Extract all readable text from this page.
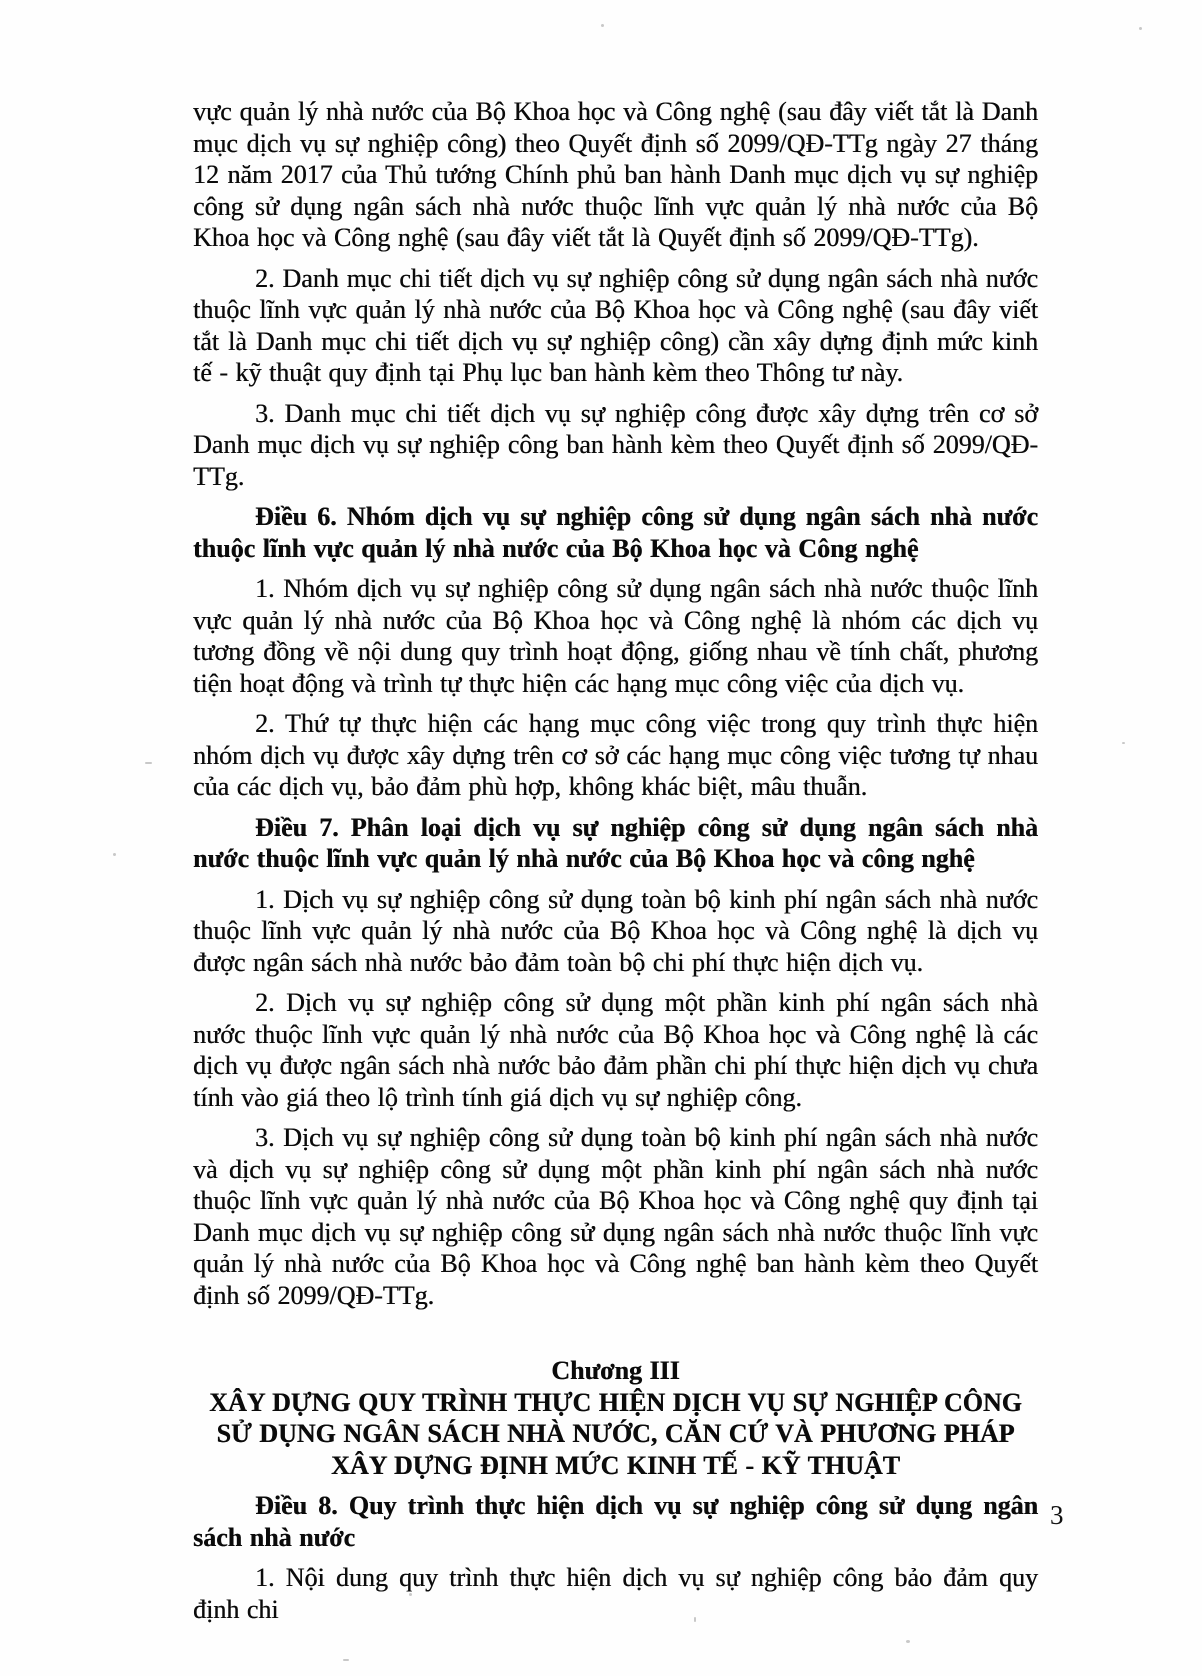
vực quản lý nhà nước của Bộ Khoa học và Công nghệ (sau đây viết tắt là Danh mục dịch vụ sự nghiệp công) theo Quyết định số 2099/QĐ-TTg ngày 27 tháng 12 năm 2017 của Thủ tướng Chính phủ ban hành Danh mục dịch vụ sự nghiệp công sử dụng ngân sách nhà nước thuộc lĩnh vực quản lý nhà nước của Bộ Khoa học và Công nghệ (sau đây viết tắt là Quyết định số 2099/QĐ-TTg).

2. Danh mục chi tiết dịch vụ sự nghiệp công sử dụng ngân sách nhà nước thuộc lĩnh vực quản lý nhà nước của Bộ Khoa học và Công nghệ (sau đây viết tắt là Danh mục chi tiết dịch vụ sự nghiệp công) cần xây dựng định mức kinh tế - kỹ thuật quy định tại Phụ lục ban hành kèm theo Thông tư này.

3. Danh mục chi tiết dịch vụ sự nghiệp công được xây dựng trên cơ sở Danh mục dịch vụ sự nghiệp công ban hành kèm theo Quyết định số 2099/QĐ-TTg.

Điều 6. Nhóm dịch vụ sự nghiệp công sử dụng ngân sách nhà nước thuộc lĩnh vực quản lý nhà nước của Bộ Khoa học và Công nghệ

1. Nhóm dịch vụ sự nghiệp công sử dụng ngân sách nhà nước thuộc lĩnh vực quản lý nhà nước của Bộ Khoa học và Công nghệ là nhóm các dịch vụ tương đồng về nội dung quy trình hoạt động, giống nhau về tính chất, phương tiện hoạt động và trình tự thực hiện các hạng mục công việc của dịch vụ.

2. Thứ tự thực hiện các hạng mục công việc trong quy trình thực hiện nhóm dịch vụ được xây dựng trên cơ sở các hạng mục công việc tương tự nhau của các dịch vụ, bảo đảm phù hợp, không khác biệt, mâu thuẫn.

Điều 7. Phân loại dịch vụ sự nghiệp công sử dụng ngân sách nhà nước thuộc lĩnh vực quản lý nhà nước của Bộ Khoa học và công nghệ

1. Dịch vụ sự nghiệp công sử dụng toàn bộ kinh phí ngân sách nhà nước thuộc lĩnh vực quản lý nhà nước của Bộ Khoa học và Công nghệ là dịch vụ được ngân sách nhà nước bảo đảm toàn bộ chi phí thực hiện dịch vụ.

2. Dịch vụ sự nghiệp công sử dụng một phần kinh phí ngân sách nhà nước thuộc lĩnh vực quản lý nhà nước của Bộ Khoa học và Công nghệ là các dịch vụ được ngân sách nhà nước bảo đảm phần chi phí thực hiện dịch vụ chưa tính vào giá theo lộ trình tính giá dịch vụ sự nghiệp công.

3. Dịch vụ sự nghiệp công sử dụng toàn bộ kinh phí ngân sách nhà nước và dịch vụ sự nghiệp công sử dụng một phần kinh phí ngân sách nhà nước thuộc lĩnh vực quản lý nhà nước của Bộ Khoa học và Công nghệ quy định tại Danh mục dịch vụ sự nghiệp công sử dụng ngân sách nhà nước thuộc lĩnh vực quản lý nhà nước của Bộ Khoa học và Công nghệ ban hành kèm theo Quyết định số 2099/QĐ-TTg.

Chương III

XÂY DỰNG QUY TRÌNH THỰC HIỆN DỊCH VỤ SỰ NGHIỆP CÔNG SỬ DỤNG NGÂN SÁCH NHÀ NƯỚC, CĂN CỨ VÀ PHƯƠNG PHÁP XÂY DỰNG ĐỊNH MỨC KINH TẾ - KỸ THUẬT

Điều 8. Quy trình thực hiện dịch vụ sự nghiệp công sử dụng ngân sách nhà nước

1. Nội dung quy trình thực hiện dịch vụ sự nghiệp công bảo đảm quy định chi

3
